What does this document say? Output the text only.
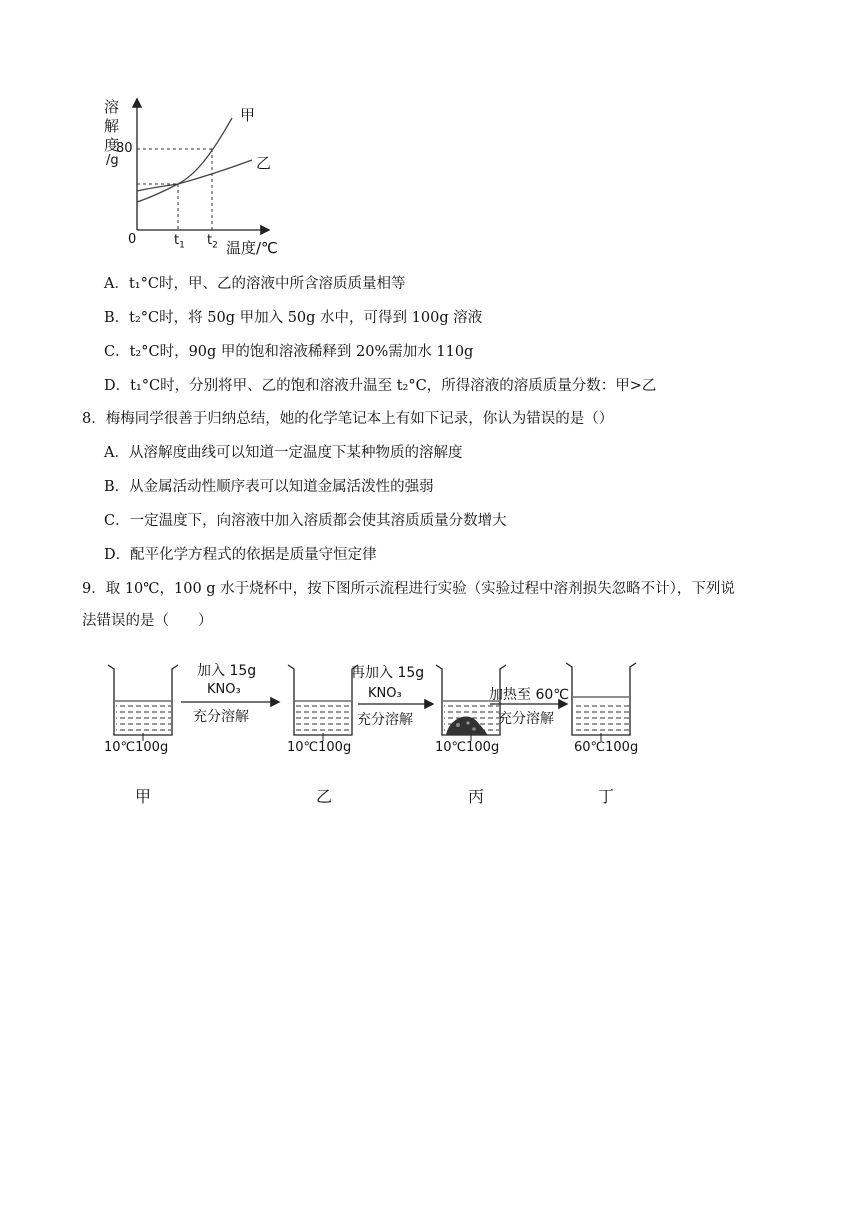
溶
解
度
/g
80
0	$t_1$ $t_2$ 温度/℃
甲
乙
A．t₁°C时，甲、乙的溶液中所含溶质质量相等
B．t₂°C时，将 50g 甲加入 50g 水中，可得到 100g 溶液
C．t₂°C时，90g 甲的饱和溶液稀释到 20%需加水 110g
D．t₁°C时，分别将甲、乙的饱和溶液升温至 t₂°C，所得溶液的溶质质量分数：甲>乙
8．梅梅同学很善于归纳总结，她的化学笔记本上有如下记录，你认为错误的是（）
A．从溶解度曲线可以知道一定温度下某种物质的溶解度
B．从金属活动性顺序表可以知道金属活泼性的强弱
C．一定温度下，向溶液中加入溶质都会使其溶质质量分数增大
D．配平化学方程式的依据是质量守恒定律
9．取 10℃，100 g 水于烧杯中，按下图所示流程进行实验（实验过程中溶剂损失忽略不计），下列说
法错误的是（　　）
加入 15g
KNO₃
充分溶解
再加入 15g
KNO₃
充分溶解
加热至 60℃
充分溶解
10℃100g	10℃100g	10℃100g	60℃100g
甲	乙	丙	丁
